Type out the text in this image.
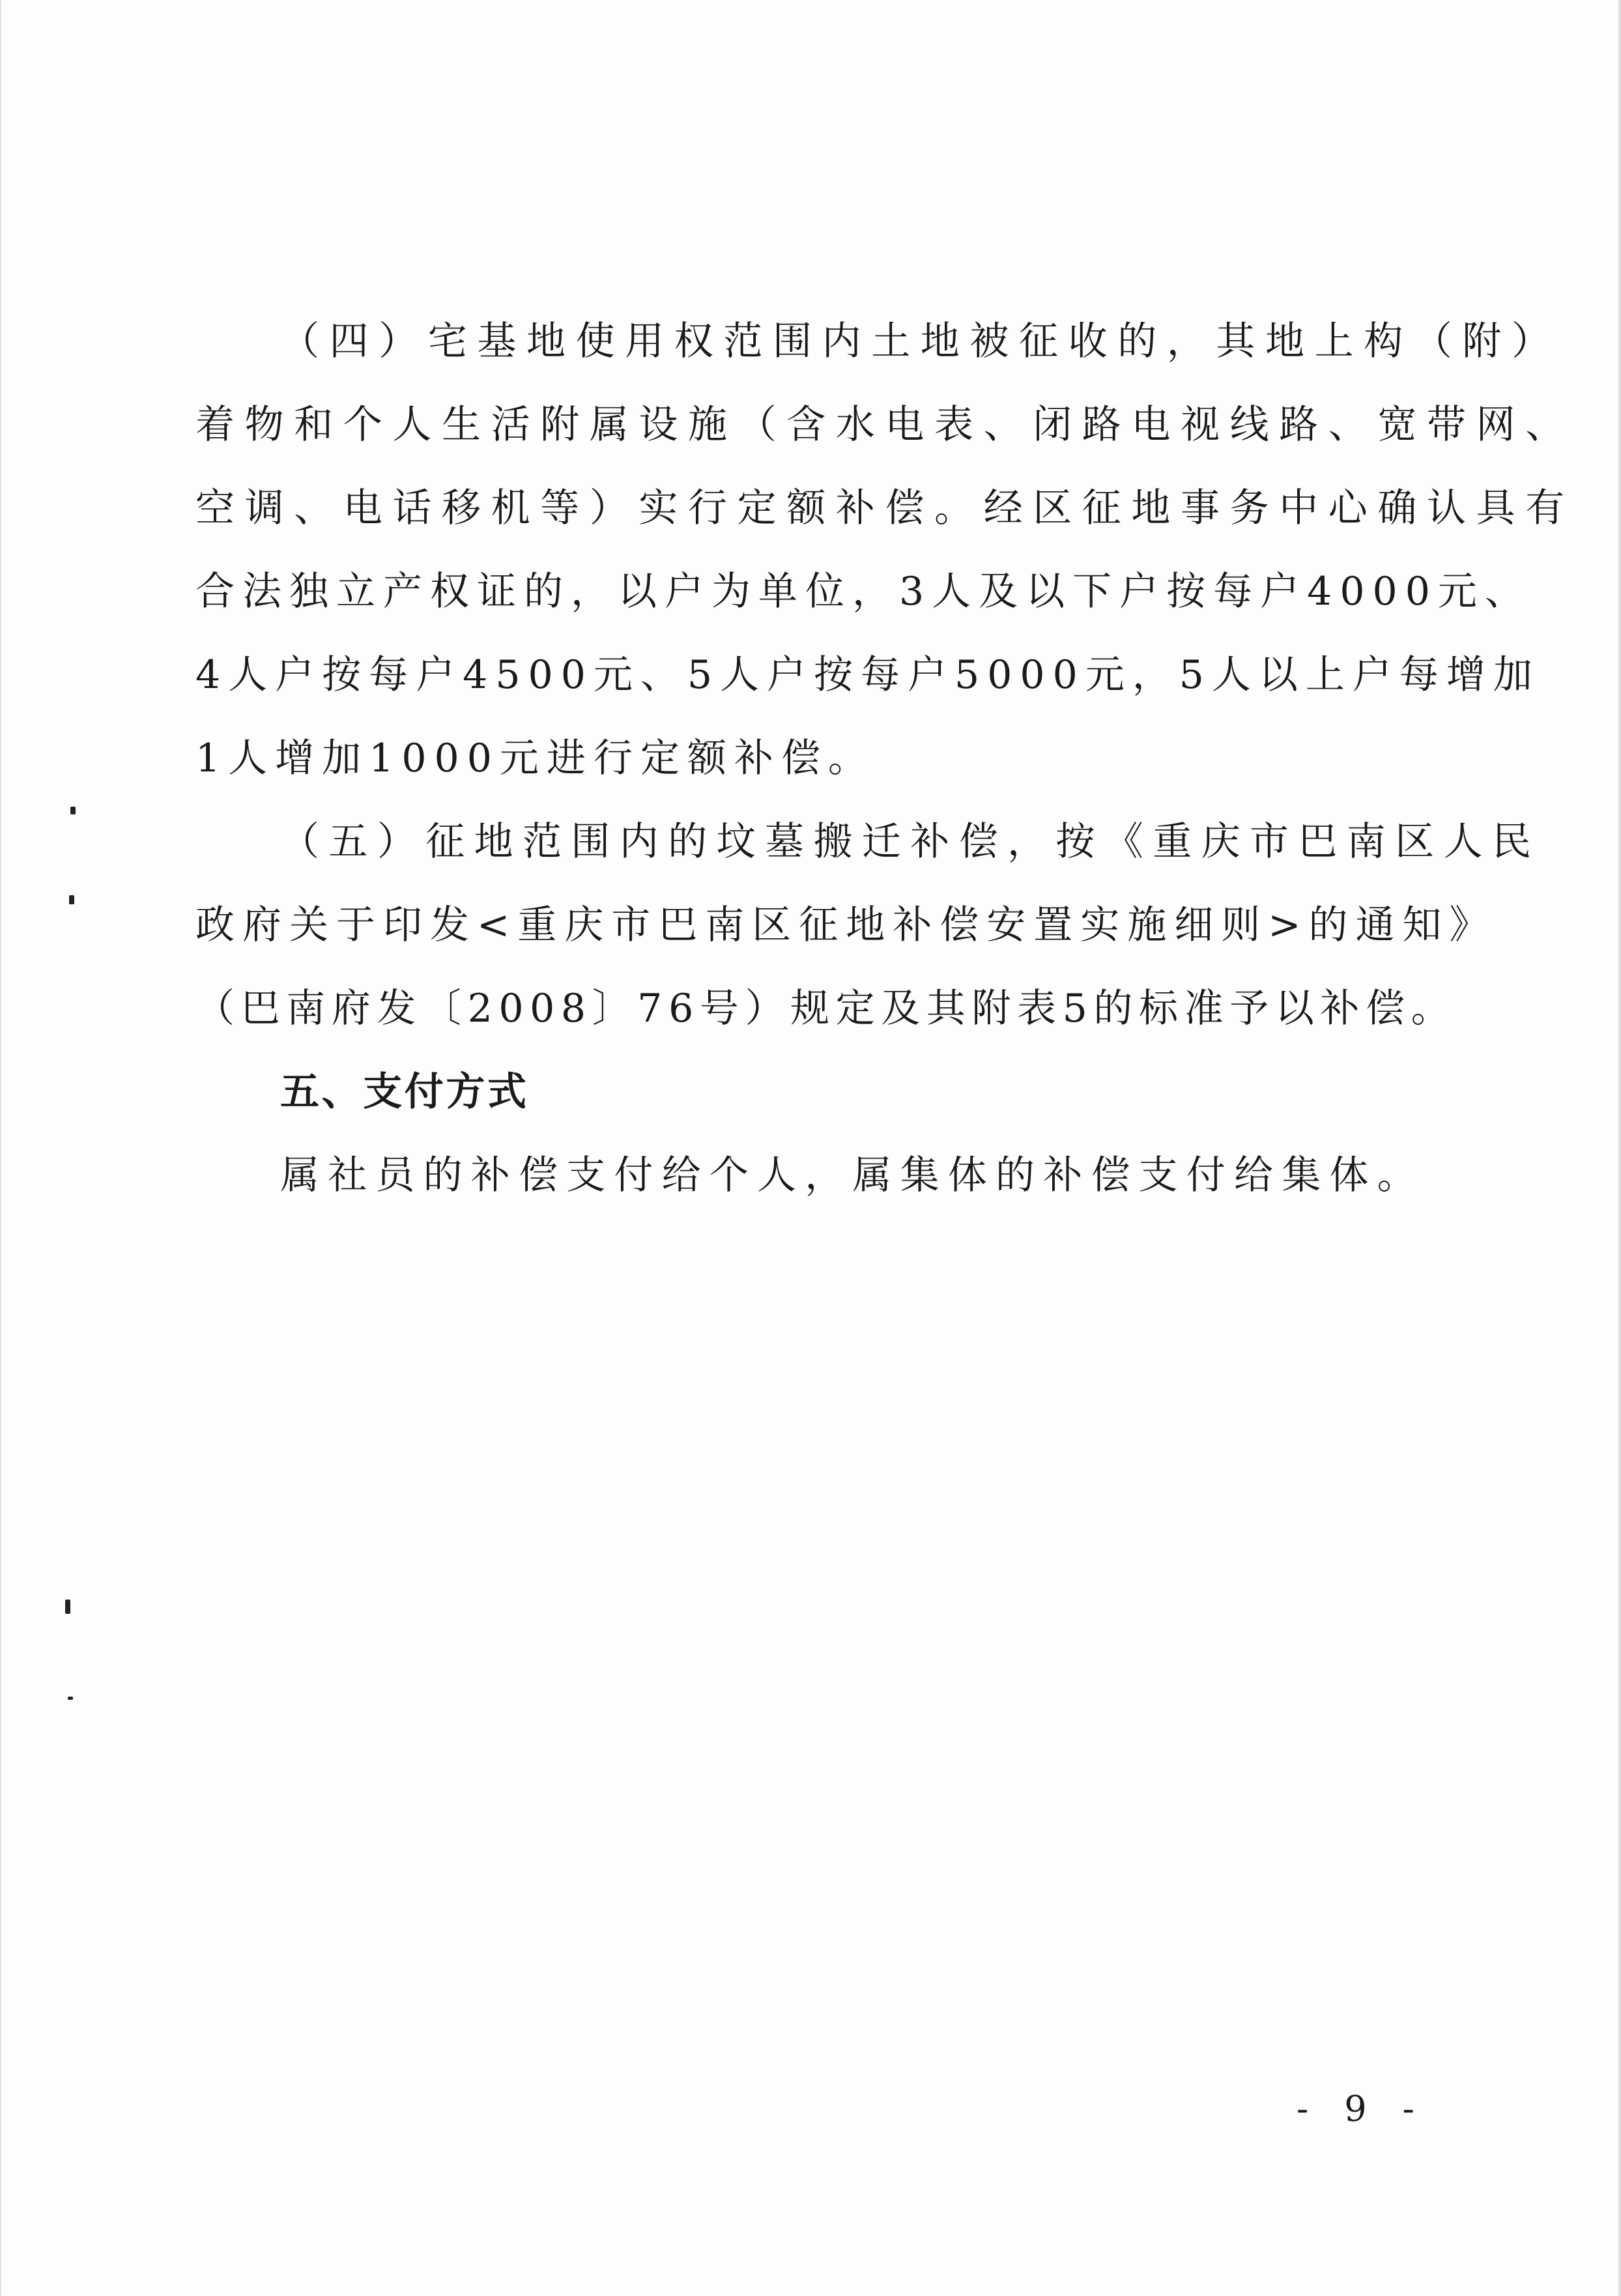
（四）宅基地使用权范围内土地被征收的，其地上构（附）
着物和个人生活附属设施（含水电表、闭路电视线路、宽带网、
空调、电话移机等）实行定额补偿。经区征地事务中心确认具有
合法独立产权证的，以户为单位，3人及以下户按每户4000元、
4人户按每户4500元、5人户按每户5000元，5人以上户每增加
1人增加1000元进行定额补偿。
（五）征地范围内的坟墓搬迁补偿，按《重庆市巴南区人民
政府关于印发<重庆市巴南区征地补偿安置实施细则>的通知》
（巴南府发〔2008〕76号）规定及其附表5的标准予以补偿。
五、支付方式
属社员的补偿支付给个人，属集体的补偿支付给集体。
- 9 -
